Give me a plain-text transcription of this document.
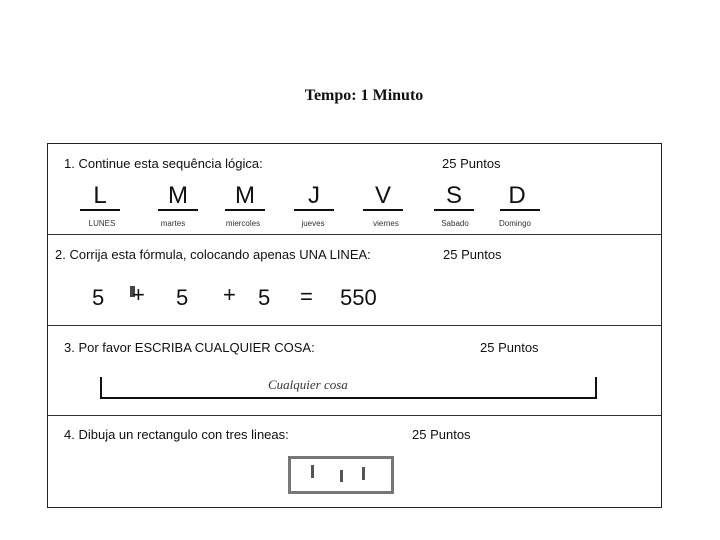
Tempo: 1 Minuto
1. Continue esta sequência lógica:	25 Puntos
L	M	M	J	V	S	D
LUNES	martes	miercoles	jueves	viernes	Sabado	Domingo
2. Corrija esta fórmula, colocando apenas UNA LINEA:	25 Puntos
5 + 5 + 5 = 550
3. Por favor ESCRIBA CUALQUIER COSA:	25 Puntos
Cualquier cosa
4. Dibuja un rectangulo con tres lineas:	25 Puntos
